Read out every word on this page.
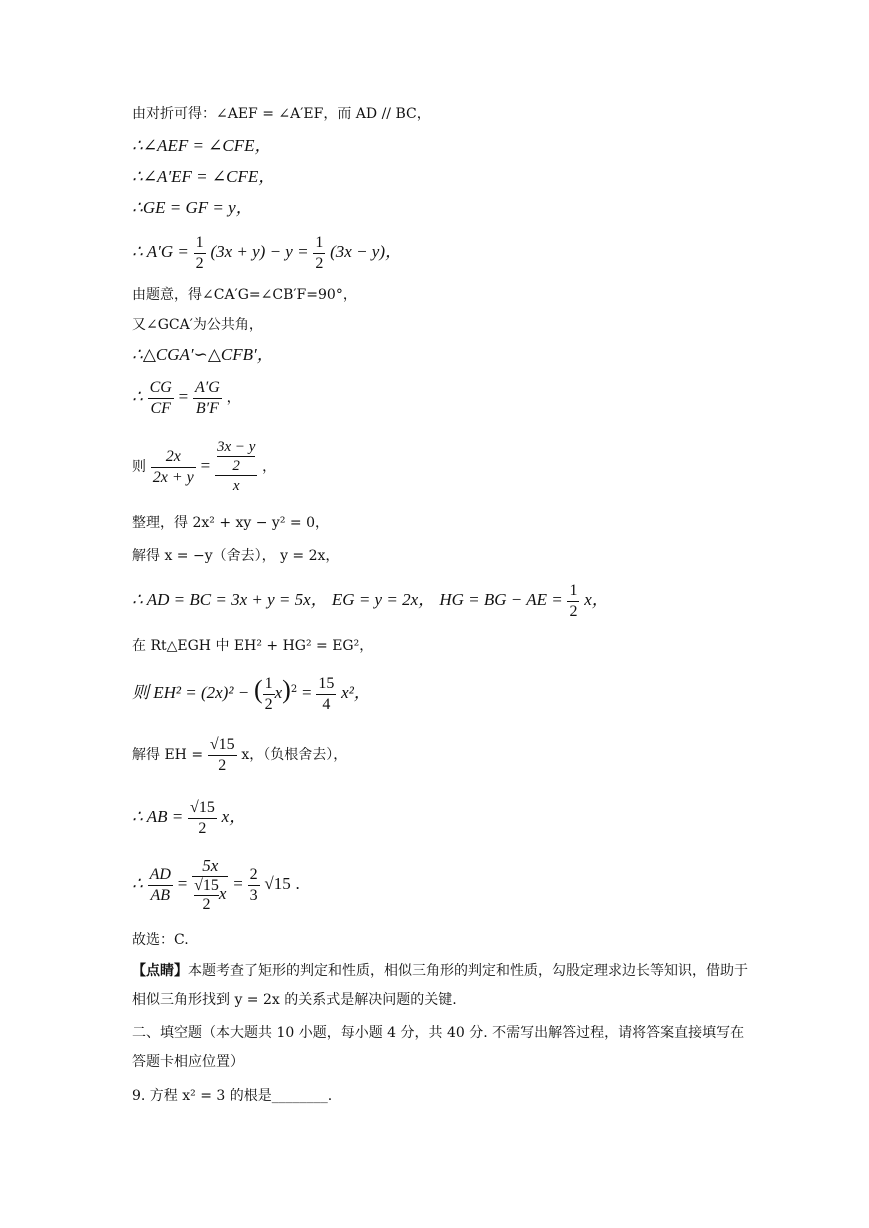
由对折可得：∠AEF = ∠A′EF，而 AD // BC，
∴∠AEF = ∠CFE，
∴∠A′EF = ∠CFE，
∴GE = GF = y，
∴ $A'G = \frac{1}{2} (3x + y) - y = \frac{1}{2} (3x - y)$，
由题意，得∠CA′G=∠CB′F=90°，
又∠GCA′为公共角，
∴△CGA′∽△CFB′，
∴ $\frac{CG}{CF} = \frac{A'G}{B'F}$ ，
则 $\frac{2x}{2x + y} = 3x - y$
2
x ，
整理，得 2x² + xy − y² = 0，
解得 x = −y（舍去）， y = 2x，
∴ AD = BC = 3x + y = 5x， EG = y = 2x， HG = BG − AE = $\frac{1}{2}$ x，
在 Rt△EGH 中 EH² + HG² = EG²，
则 EH² = (2x)² − ( $\frac{1}{2} x)^2 = \frac{15}{4} x^2$，
解得 EH = $\frac{√15}{2}$ x，（负根舍去），
∴ AB = $\frac{√15}{2}$ x，
∴ $\frac{AD}{AB} = \frac{5x}{\frac{√15}{2} x} = \frac{2}{3} √15$ .
故选：C.
【点睛】本题考查了矩形的判定和性质，相似三角形的判定和性质，勾股定理求边长等知识，借助于相似三角形找到 y = 2x 的关系式是解决问题的关键.
二、填空题（本大题共 10 小题，每小题 4 分，共 40 分. 不需写出解答过程，请将答案直接填写在答题卡相应位置）
9. 方程 x² = 3 的根是________.
